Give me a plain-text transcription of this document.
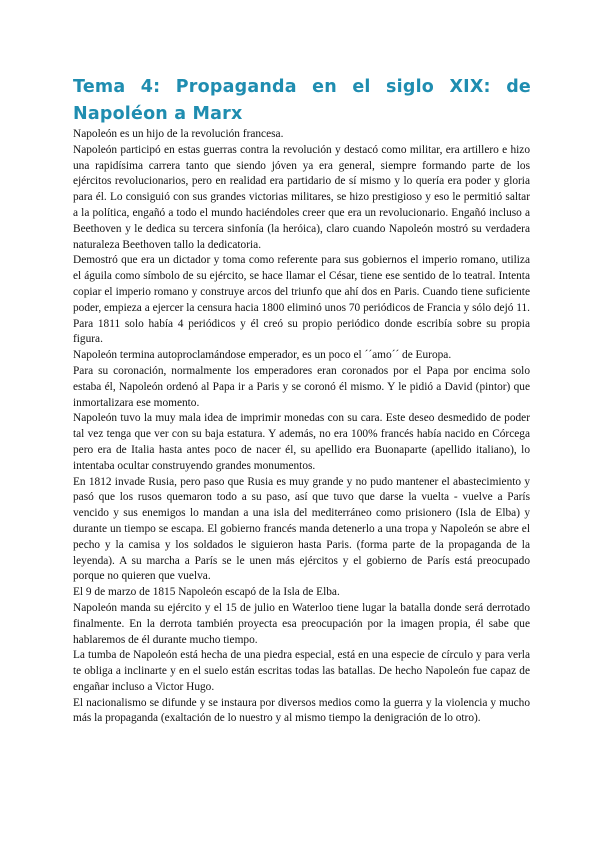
Tema 4: Propaganda en el siglo XIX: de Napoléon a Marx

Napoleón es un hijo de la revolución francesa.

Napoleón participó en estas guerras contra la revolución y destacó como militar, era artillero e hizo una rapidísima carrera tanto que siendo jóven ya era general, siempre formando parte de los ejércitos revolucionarios, pero en realidad era partidario de sí mismo y lo quería era poder y gloria para él. Lo consiguió con sus grandes victorias militares, se hizo prestigioso y eso le permitió saltar a la política, engañó a todo el mundo haciéndoles creer que era un revolucionario. Engañó incluso a Beethoven y le dedica su tercera sinfonía (la heróica), claro cuando Napoleón mostró su verdadera naturaleza Beethoven tallo la dedicatoria.

Demostró que era un dictador y toma como referente para sus gobiernos el imperio romano, utiliza el águila como símbolo de su ejército, se hace llamar el César, tiene ese sentido de lo teatral. Intenta copiar el imperio romano y construye arcos del triunfo que ahí dos en Paris. Cuando tiene suficiente poder, empieza a ejercer la censura hacia 1800 eliminó unos 70 periódicos de Francia y sólo dejó 11. Para 1811 solo había 4 periódicos y él creó su propio periódico donde escribía sobre su propia figura.

Napoleón termina autoproclamándose emperador, es un poco el ´´amo´´ de Europa.

Para su coronación, normalmente los emperadores eran coronados por el Papa por encima solo estaba él, Napoleón ordenó al Papa ir a Paris y se coronó él mismo. Y le pidió a David (pintor) que inmortalizara ese momento.

Napoleón tuvo la muy mala idea de imprimir monedas con su cara. Este deseo desmedido de poder tal vez tenga que ver con su baja estatura. Y además, no era 100% francés había nacido en Córcega pero era de Italia hasta antes poco de nacer él, su apellido era Buonaparte (apellido italiano), lo intentaba ocultar construyendo grandes monumentos.

En 1812 invade Rusia, pero paso que Rusia es muy grande y no pudo mantener el abastecimiento y pasó que los rusos quemaron todo a su paso, así que tuvo que darse la vuelta - vuelve a París vencido y sus enemigos lo mandan a una isla del mediterráneo como prisionero (Isla de Elba) y durante un tiempo se escapa. El gobierno francés manda detenerlo a una tropa y Napoleón se abre el pecho y la camisa y los soldados le siguieron hasta Paris. (forma parte de la propaganda de la leyenda). A su marcha a París se le unen más ejércitos y el gobierno de París está preocupado porque no quieren que vuelva.

El 9 de marzo de 1815 Napoleón escapó de la Isla de Elba.

Napoleón manda su ejército y el 15 de julio en Waterloo tiene lugar la batalla donde será derrotado finalmente. En la derrota también proyecta esa preocupación por la imagen propia, él sabe que hablaremos de él durante mucho tiempo.

La tumba de Napoleón está hecha de una piedra especial, está en una especie de círculo y para verla te obliga a inclinarte y en el suelo están escritas todas las batallas. De hecho Napoleón fue capaz de engañar incluso a Victor Hugo.

El nacionalismo se difunde y se instaura por diversos medios como la guerra y la violencia y mucho más la propaganda (exaltación de lo nuestro y al mismo tiempo la denigración de lo otro).
